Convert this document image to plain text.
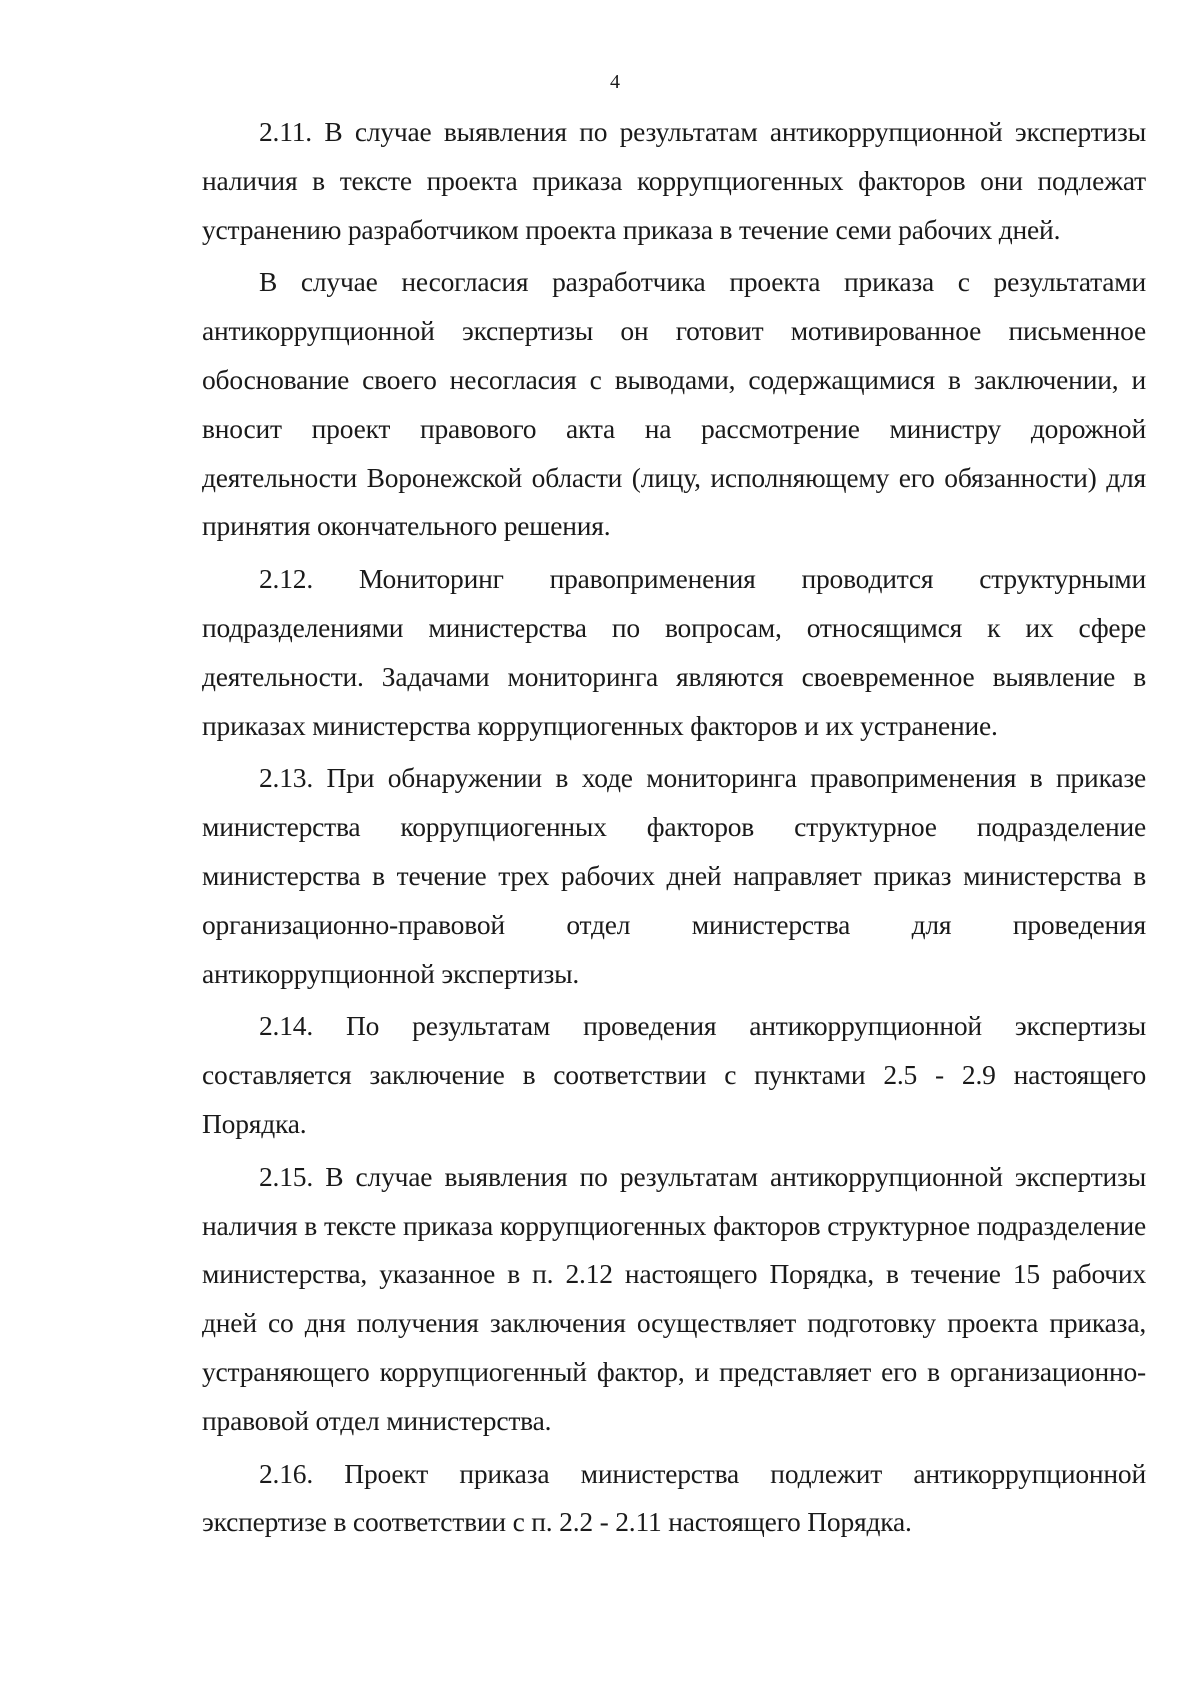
4

2.11. В случае выявления по результатам антикоррупционной экспертизы наличия в тексте проекта приказа коррупциогенных факторов они подлежат устранению разработчиком проекта приказа в течение семи рабочих дней.

В случае несогласия разработчика проекта приказа с результатами антикоррупционной экспертизы он готовит мотивированное письменное обоснование своего несогласия с выводами, содержащимися в заключении, и вносит проект правового акта на рассмотрение министру дорожной деятельности Воронежской области (лицу, исполняющему его обязанности) для принятия окончательного решения.

2.12. Мониторинг правоприменения проводится структурными подразделениями министерства по вопросам, относящимся к их сфере деятельности. Задачами мониторинга являются своевременное выявление в приказах министерства коррупциогенных факторов и их устранение.

2.13. При обнаружении в ходе мониторинга правоприменения в приказе министерства коррупциогенных факторов структурное подразделение министерства в течение трех рабочих дней направляет приказ министерства в организационно-правовой отдел министерства для проведения антикоррупционной экспертизы.

2.14. По результатам проведения антикоррупционной экспертизы составляется заключение в соответствии с пунктами 2.5 - 2.9 настоящего Порядка.

2.15. В случае выявления по результатам антикоррупционной экспертизы наличия в тексте приказа коррупциогенных факторов структурное подразделение министерства, указанное в п. 2.12 настоящего Порядка, в течение 15 рабочих дней со дня получения заключения осуществляет подготовку проекта приказа, устраняющего коррупциогенный фактор, и представляет его в организационно-правовой отдел министерства.

2.16. Проект приказа министерства подлежит антикоррупционной экспертизе в соответствии с п. 2.2 - 2.11 настоящего Порядка.
